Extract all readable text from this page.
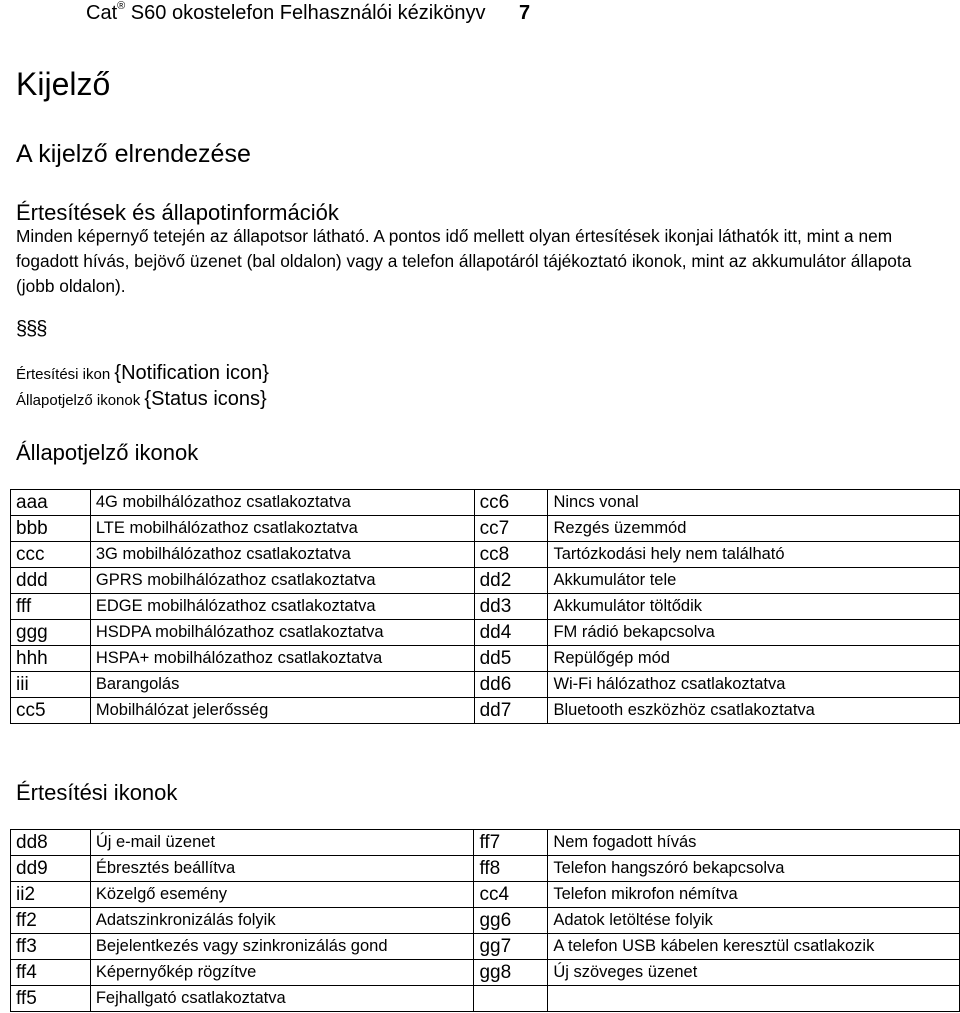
Cat® S60 okostelefon Felhasználói kézikönyv 7
Kijelző
A kijelző elrendezése
Értesítések és állapotinformációk

Minden képernyő tetején az állapotsor látható. A pontos idő mellett olyan értesítések ikonjai láthatók itt, mint a nem fogadott hívás, bejövő üzenet (bal oldalon) vagy a telefon állapotáról tájékoztató ikonok, mint az akkumulátor állapota (jobb oldalon).

§§§
Értesítési ikon {Notification icon}
Állapotjelző ikonok {Status icons}
Állapotjelző ikonok
aaa	4G mobilhálózathoz csatlakoztatva	cc6	Nincs vonal
bbb	LTE mobilhálózathoz csatlakoztatva	cc7	Rezgés üzemmód
ccc	3G mobilhálózathoz csatlakoztatva	cc8	Tartózkodási hely nem található
ddd	GPRS mobilhálózathoz csatlakoztatva	dd2	Akkumulátor tele
fff	EDGE mobilhálózathoz csatlakoztatva	dd3	Akkumulátor töltődik
ggg	HSDPA mobilhálózathoz csatlakoztatva	dd4	FM rádió bekapcsolva
hhh	HSPA+ mobilhálózathoz csatlakoztatva	dd5	Repülőgép mód
iii	Barangolás	dd6	Wi-Fi hálózathoz csatlakoztatva
cc5	Mobilhálózat jelerősség	dd7	Bluetooth eszközhöz csatlakoztatva
Értesítési ikonok
dd8	Új e-mail üzenet	ff7	Nem fogadott hívás
dd9	Ébresztés beállítva	ff8	Telefon hangszóró bekapcsolva
ii2	Közelgő esemény	cc4	Telefon mikrofon némítva
ff2	Adatszinkronizálás folyik	gg6	Adatok letöltése folyik
ff3	Bejelentkezés vagy szinkronizálás gond	gg7	A telefon USB kábelen keresztül csatlakozik
ff4	Képernyőkép rögzítve	gg8	Új szöveges üzenet
ff5	Fejhallgató csatlakoztatva		
